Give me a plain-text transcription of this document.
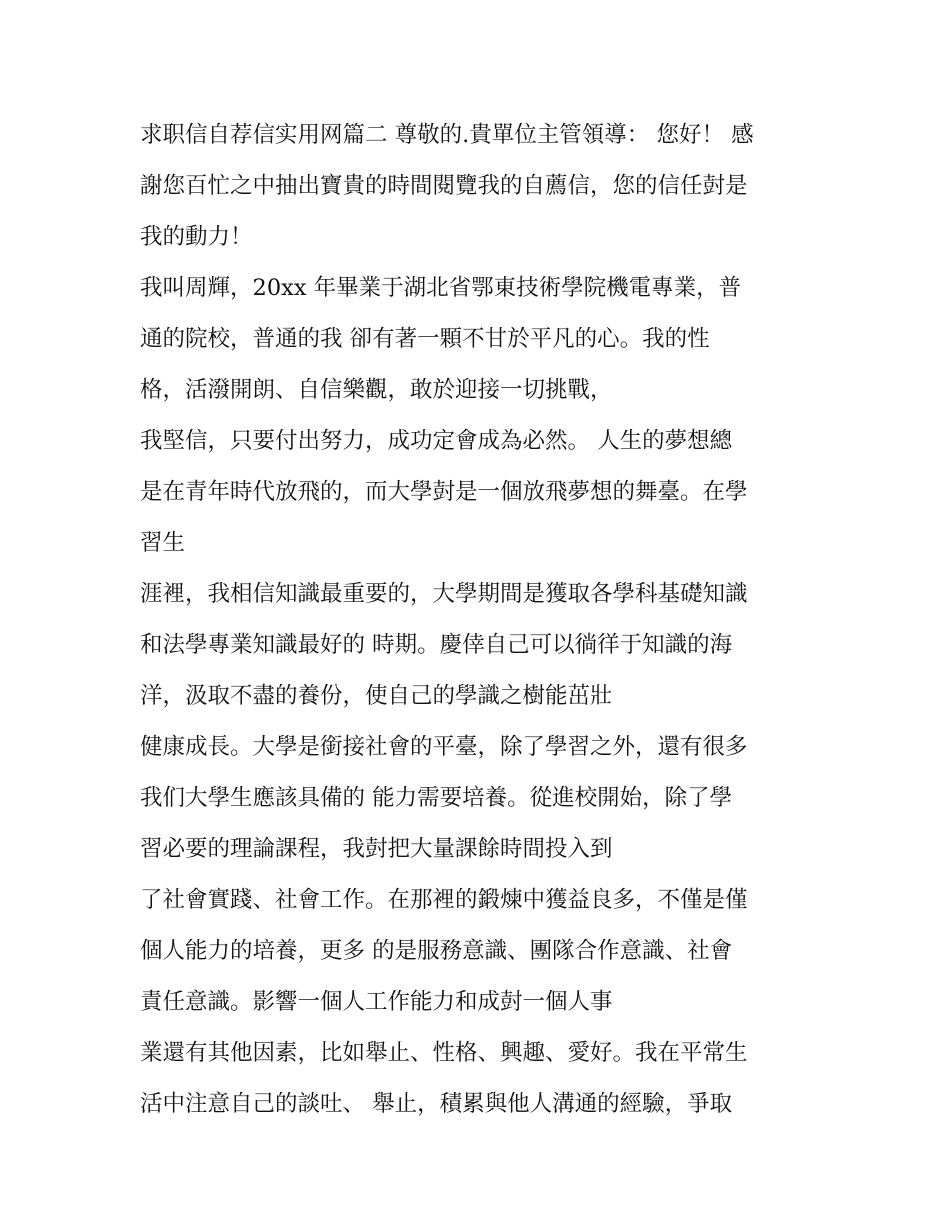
求职信自荐信实用网篇二 尊敬的.貴單位主管領導： 您好！ 感
謝您百忙之中抽出寶貴的時間閱覽我的自薦信，您的信任尌是
我的動力！
我叫周輝，20xx 年畢業于湖北省鄂東技術學院機電專業，普
通的院校，普通的我 卻有著一顆不甘於平凡的心。我的性
格，活潑開朗、自信樂觀，敢於迎接一切挑戰，
我堅信，只要付出努力，成功定會成為必然。 人生的夢想總
是在青年時代放飛的，而大學尌是一個放飛夢想的舞臺。在學
習生
涯裡，我相信知識最重要的，大學期間是獲取各學科基礎知識
和法學專業知識最好的 時期。慶倖自己可以徜徉于知識的海
洋，汲取不盡的養份，使自己的學識之樹能茁壯
健康成長。大學是銜接社會的平臺，除了學習之外，還有很多
我们大學生應該具備的 能力需要培養。從進校開始，除了學
習必要的理論課程，我尌把大量課餘時間投入到
了社會實踐、社會工作。在那裡的鍛煉中獲益良多，不僅是僅
個人能力的培養，更多 的是服務意識、團隊合作意識、社會
責任意識。影響一個人工作能力和成尌一個人事
業還有其他因素，比如舉止、性格、興趣、愛好。我在平常生
活中注意自己的談吐、 舉止，積累與他人溝通的經驗，爭取
